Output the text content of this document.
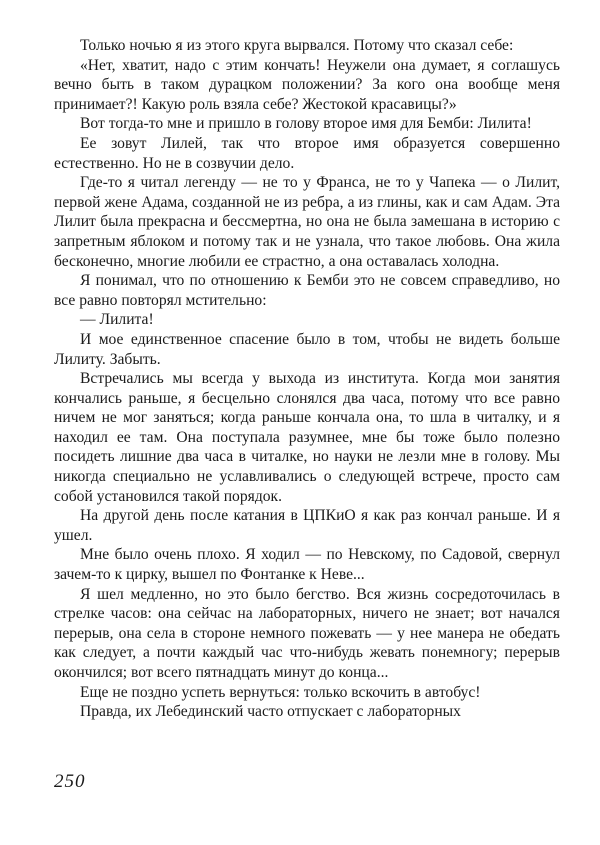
Только ночью я из этого круга вырвался. Потому что сказал себе:

«Нет, хватит, надо с этим кончать! Неужели она думает, я соглашусь вечно быть в таком дурацком положении? За кого она вообще меня принимает?! Какую роль взяла себе? Жестокой красавицы?»

Вот тогда-то мне и пришло в голову второе имя для Бемби: Лилита!

Ее зовут Лилей, так что второе имя образуется совершенно естественно. Но не в созвучии дело.

Где-то я читал легенду — не то у Франса, не то у Чапека — о Лилит, первой жене Адама, созданной не из ребра, а из глины, как и сам Адам. Эта Лилит была прекрасна и бессмертна, но она не была замешана в историю с запретным яблоком и потому так и не узнала, что такое любовь. Она жила бесконечно, многие любили ее страстно, а она оставалась холодна.

Я понимал, что по отношению к Бемби это не совсем справедливо, но все равно повторял мстительно:

— Лилита!

И мое единственное спасение было в том, чтобы не видеть больше Лилиту. Забыть.

Встречались мы всегда у выхода из института. Когда мои занятия кончались раньше, я бесцельно слонялся два часа, потому что все равно ничем не мог заняться; когда раньше кончала она, то шла в читалку, и я находил ее там. Она поступала разумнее, мне бы тоже было полезно посидеть лишние два часа в читалке, но науки не лезли мне в голову. Мы никогда специально не уславливались о следующей встрече, просто сам собой установился такой порядок.

На другой день после катания в ЦПКиО я как раз кончал раньше. И я ушел.

Мне было очень плохо. Я ходил — по Невскому, по Садовой, свернул зачем-то к цирку, вышел по Фонтанке к Неве...

Я шел медленно, но это было бегство. Вся жизнь сосредоточилась в стрелке часов: она сейчас на лабораторных, ничего не знает; вот начался перерыв, она села в стороне немного пожевать — у нее манера не обедать как следует, а почти каждый час что-нибудь жевать понемногу; перерыв окончился; вот всего пятнадцать минут до конца...

Еще не поздно успеть вернуться: только вскочить в автобус!

Правда, их Лебединский часто отпускает с лабораторных

250
